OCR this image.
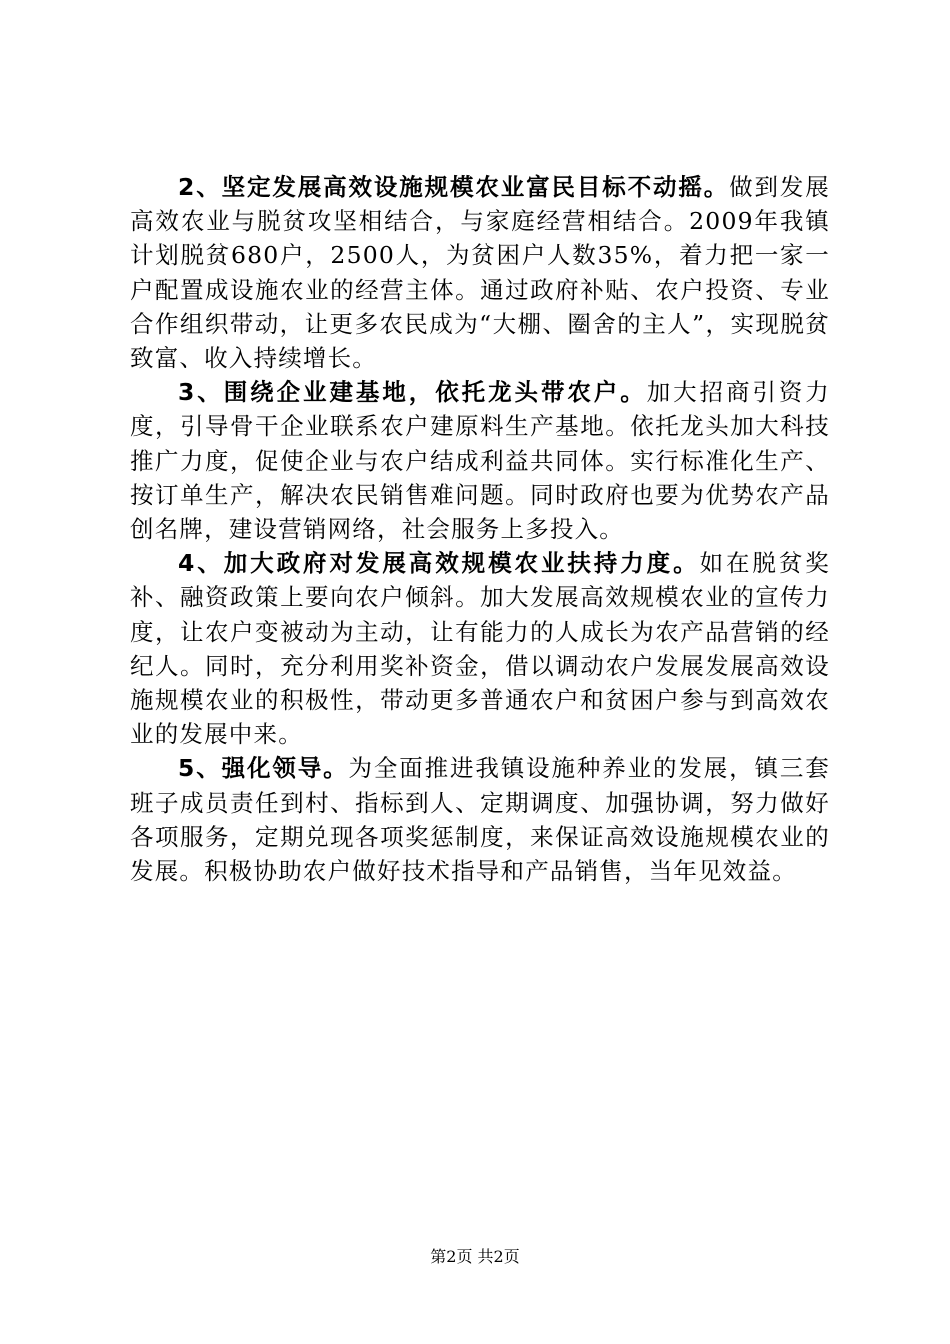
2、坚定发展高效设施规模农业富民目标不动摇。做到发展高效农业与脱贫攻坚相结合，与家庭经营相结合。2009年我镇计划脱贫680户，2500人，为贫困户人数35%，着力把一家一户配置成设施农业的经营主体。通过政府补贴、农户投资、专业合作组织带动，让更多农民成为“大棚、圈舍的主人”，实现脱贫致富、收入持续增长。

3、围绕企业建基地，依托龙头带农户。加大招商引资力度，引导骨干企业联系农户建原料生产基地。依托龙头加大科技推广力度，促使企业与农户结成利益共同体。实行标准化生产、按订单生产，解决农民销售难问题。同时政府也要为优势农产品创名牌，建设营销网络，社会服务上多投入。

4、加大政府对发展高效规模农业扶持力度。如在脱贫奖补、融资政策上要向农户倾斜。加大发展高效规模农业的宣传力度，让农户变被动为主动，让有能力的人成长为农产品营销的经纪人。同时，充分利用奖补资金，借以调动农户发展发展高效设施规模农业的积极性，带动更多普通农户和贫困户参与到高效农业的发展中来。

5、强化领导。为全面推进我镇设施种养业的发展，镇三套班子成员责任到村、指标到人、定期调度、加强协调，努力做好各项服务，定期兑现各项奖惩制度，来保证高效设施规模农业的发展。积极协助农户做好技术指导和产品销售，当年见效益。

第2页 共2页
